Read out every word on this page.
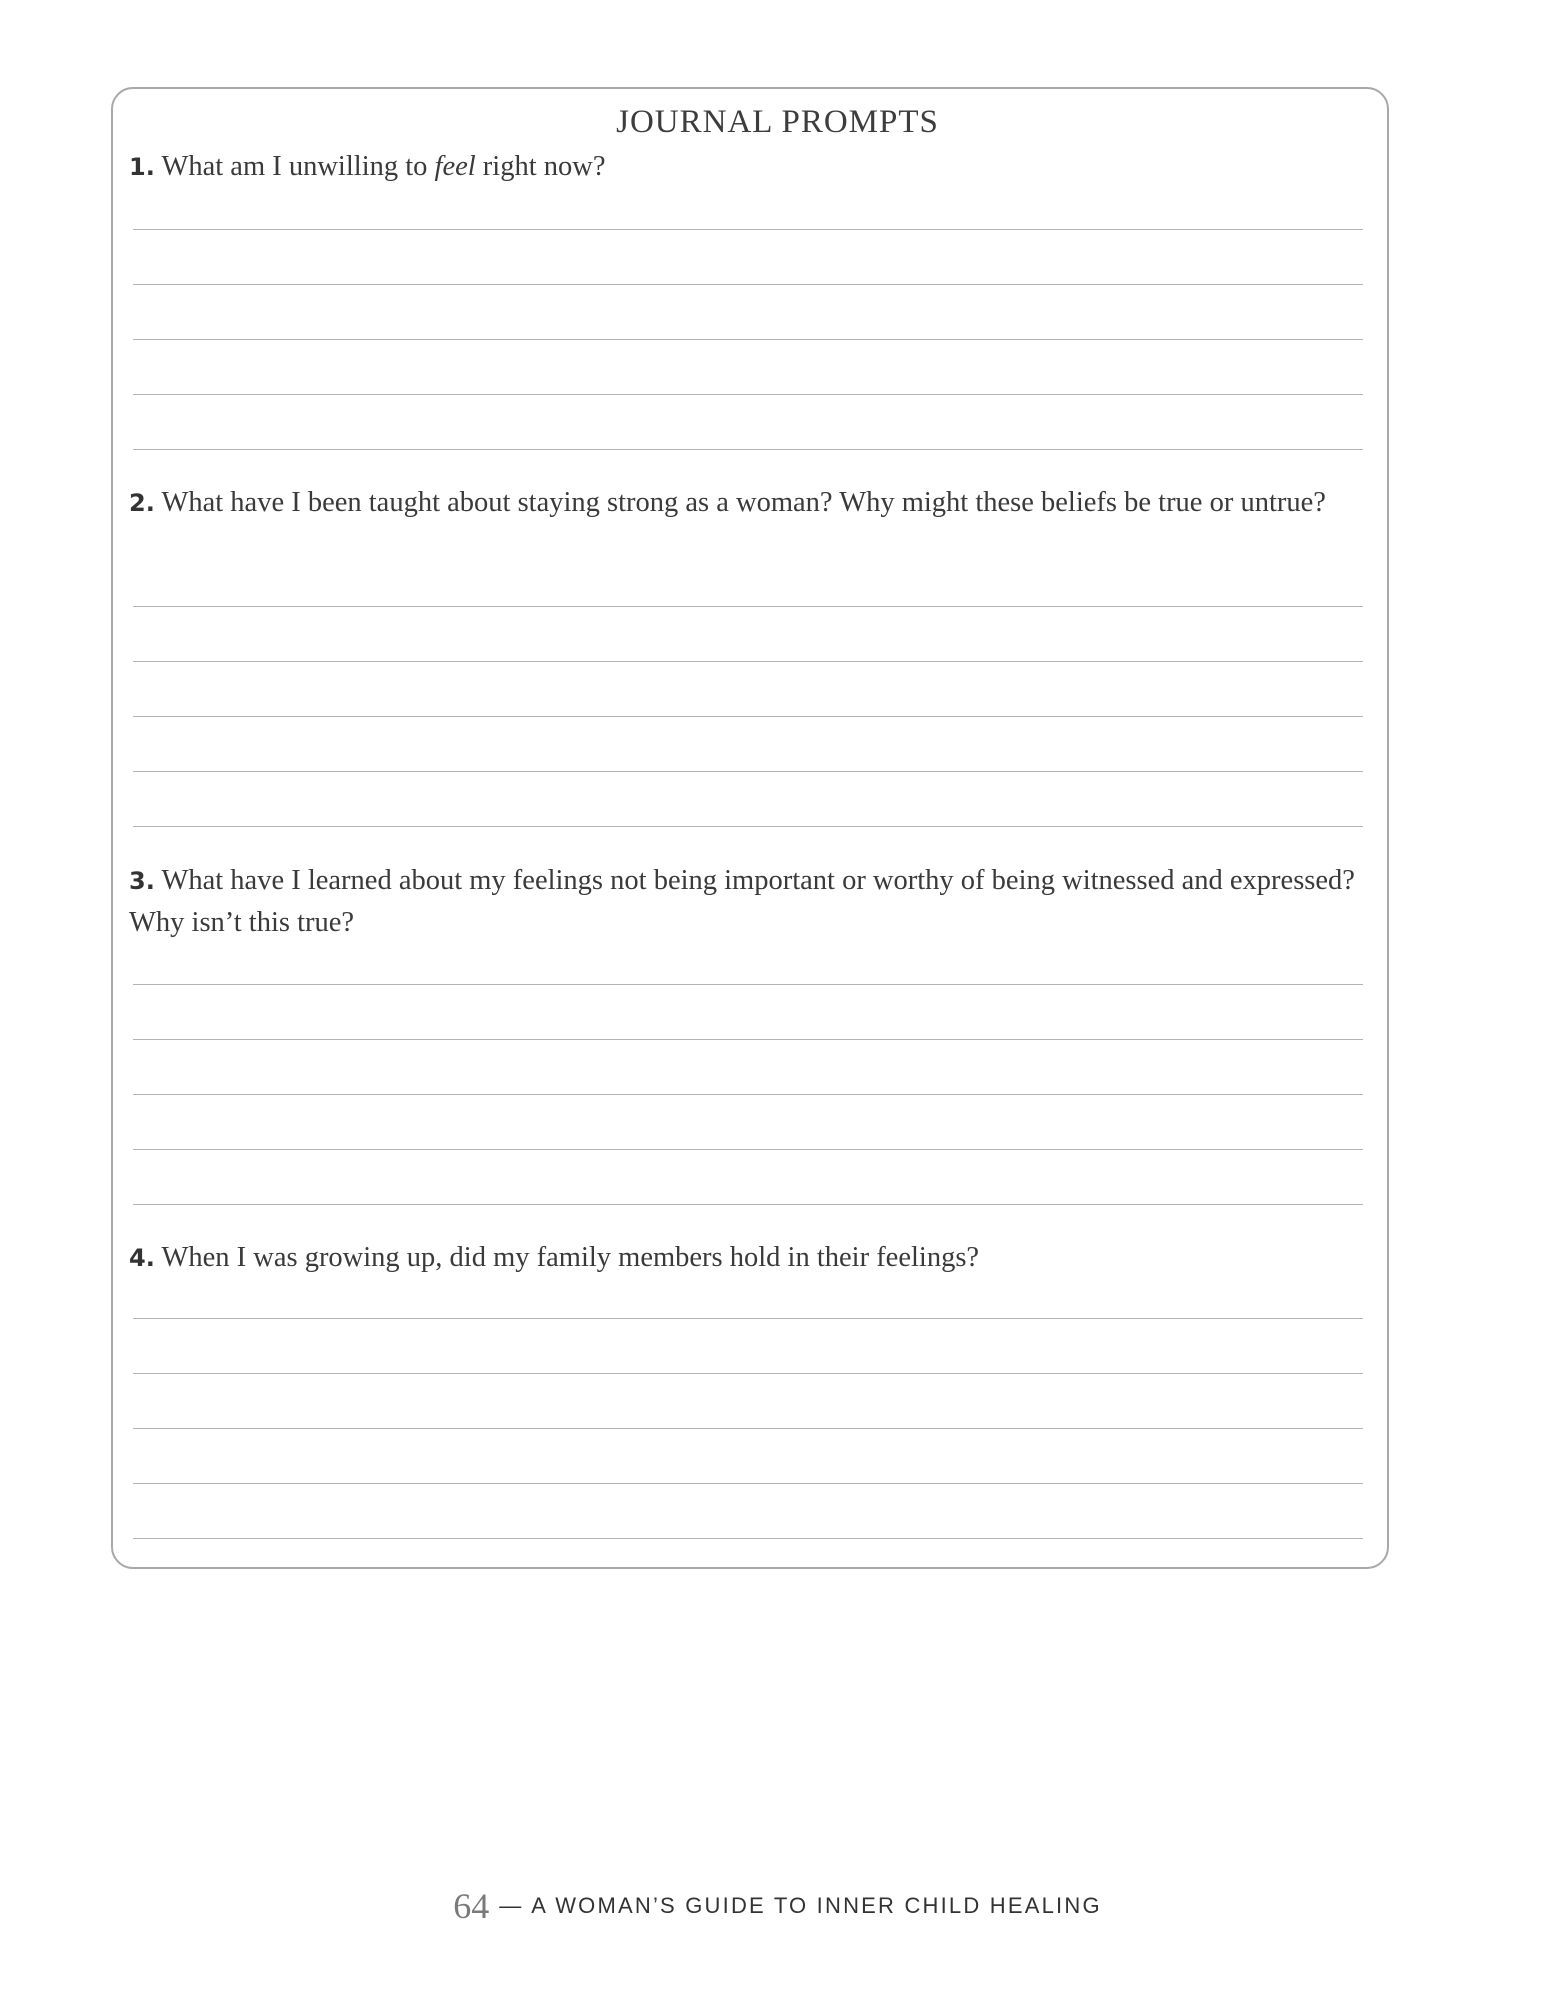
JOURNAL PROMPTS
1. What am I unwilling to feel right now?
2. What have I been taught about staying strong as a woman? Why might these beliefs be true or untrue?
3. What have I learned about my feelings not being important or worthy of being witnessed and expressed? Why isn’t this true?
4. When I was growing up, did my family members hold in their feelings?
64 — A WOMAN’S GUIDE TO INNER CHILD HEALING
